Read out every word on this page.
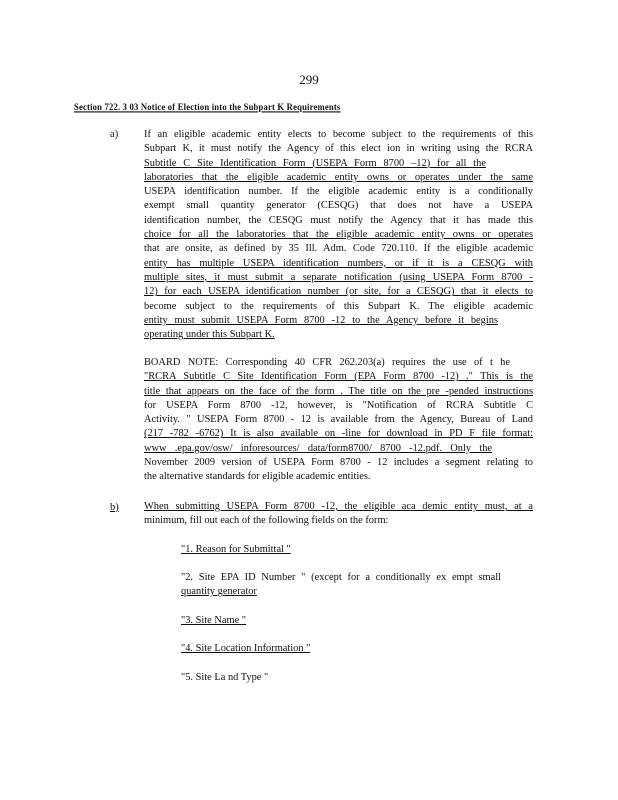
299
Section 722. 3 03 Notice of Election into the Subpart K Requirements
a) If an eligible academic entity elects to become subject to the requirements of this
Subpart K, it must notify the Agency of this elect ion in writing using the RCRA
Subtitle C Site Identification Form (USEPA Form 8700 –12) for all the
laboratories that the eligible academic entity owns or operates under the same
USEPA identification number. If the eligible academic entity is a conditionally
exempt small quantity generator (CESQG) that does not have a USEPA
identification number, the CESQG must notify the Agency that it has made this
choice for all the laboratories that the eligible academic entity owns or operates
that are onsite, as defined by 35 Ill. Adm. Code 720.110. If the eligible academic
entity has multiple USEPA identification numbers, or if it is a CESQG with
multiple sites, it must submit a separate notification (using USEPA Form 8700 -
12) for each USEPA identification number (or site, for a CESQG) that it elects to
become subject to the requirements of this Subpart K. The eligible academic
entity must submit USEPA Form 8700 -12 to the Agency before it begins
operating under this Subpart K.
BOARD NOTE: Corresponding 40 CFR 262.203(a) requires the use of t he
"RCRA Subtitle C Site Identification Form (EPA Form 8700 -12) ." This is the
title that appears on the face of the form . The title on the pre -pended instructions
for USEPA Form 8700 -12, however, is "Notification of RCRA Subtitle C
Activity. " USEPA Form 8700 - 12 is available from the Agency, Bureau of Land
(217 -782 -6762) It is also available on -line for download in PD F file format:
www .epa.gov/osw/ inforesources/ data/form8700/ 8700 -12.pdf. Only the
November 2009 version of USEPA Form 8700 - 12 includes a segment relating to
the alternative standards for eligible academic entities.
b) When submitting USEPA Form 8700 -12, the eligible aca demic entity must, at a
minimum, fill out each of the following fields on the form:
"1. Reason for Submittal "
"2. Site EPA ID Number " (except for a conditionally ex empt small
quantity generator
"3. Site Name "
"4. Site Location Information "
"5. Site La nd Type "
